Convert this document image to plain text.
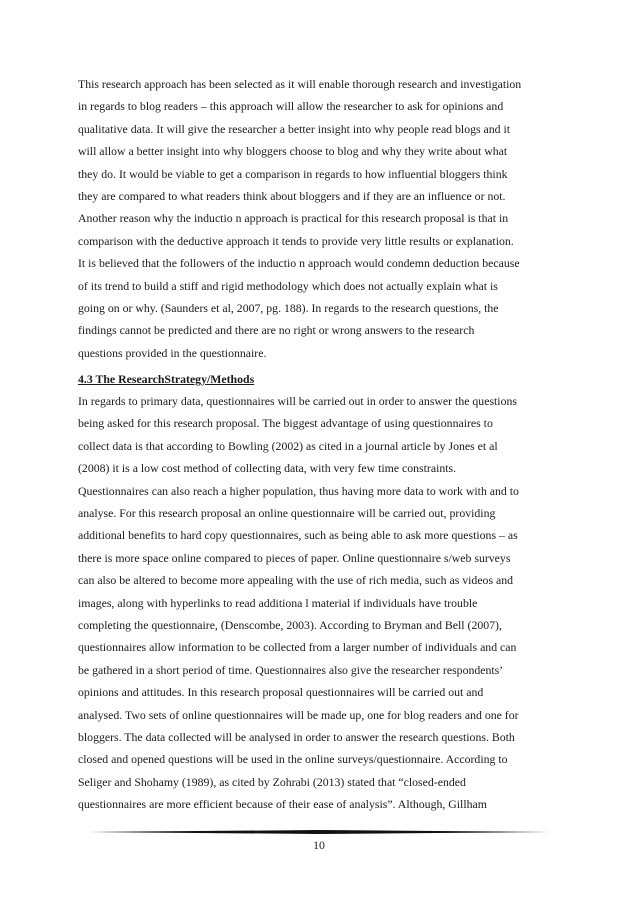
This research approach has been selected as it will enable thorough research and investigation
in regards to blog readers – this approach will allow the researcher to ask for opinions and
qualitative data. It will give the researcher a better insight into why people read blogs and it
will allow a better insight into why bloggers choose to blog and why they write about what
they do. It would be viable to get a comparison in regards to how influential bloggers think
they are compared to what readers think about bloggers and if they are an influence or not.
Another reason why the inductio n approach is practical for this research proposal is that in
comparison with the deductive approach it tends to provide very little results or explanation.
It is believed that the followers of the inductio n approach would condemn deduction because
of its trend to build a stiff and rigid methodology which does not actually explain what is
going on or why. (Saunders et al, 2007, pg. 188). In regards to the research questions, the
findings cannot be predicted and there are no right or wrong answers to the research
questions provided in the questionnaire.
4.3 The ResearchStrategy/Methods
In regards to primary data, questionnaires will be carried out in order to answer the questions
being asked for this research proposal. The biggest advantage of using questionnaires to
collect data is that according to Bowling (2002) as cited in a journal article by Jones et al
(2008) it is a low cost method of collecting data, with very few time constraints.
Questionnaires can also reach a higher population, thus having more data to work with and to
analyse. For this research proposal an online questionnaire will be carried out, providing
additional benefits to hard copy questionnaires, such as being able to ask more questions – as
there is more space online compared to pieces of paper. Online questionnaire s/web surveys
can also be altered to become more appealing with the use of rich media, such as videos and
images, along with hyperlinks to read additiona l material if individuals have trouble
completing the questionnaire, (Denscombe, 2003). According to Bryman and Bell (2007),
questionnaires allow information to be collected from a larger number of individuals and can
be gathered in a short period of time. Questionnaires also give the researcher respondents’
opinions and attitudes. In this research proposal questionnaires will be carried out and
analysed. Two sets of online questionnaires will be made up, one for blog readers and one for
bloggers. The data collected will be analysed in order to answer the research questions. Both
closed and opened questions will be used in the online surveys/questionnaire. According to
Seliger and Shohamy (1989), as cited by Zohrabi (2013) stated that “closed-ended
questionnaires are more efficient because of their ease of analysis”. Although, Gillham
10
